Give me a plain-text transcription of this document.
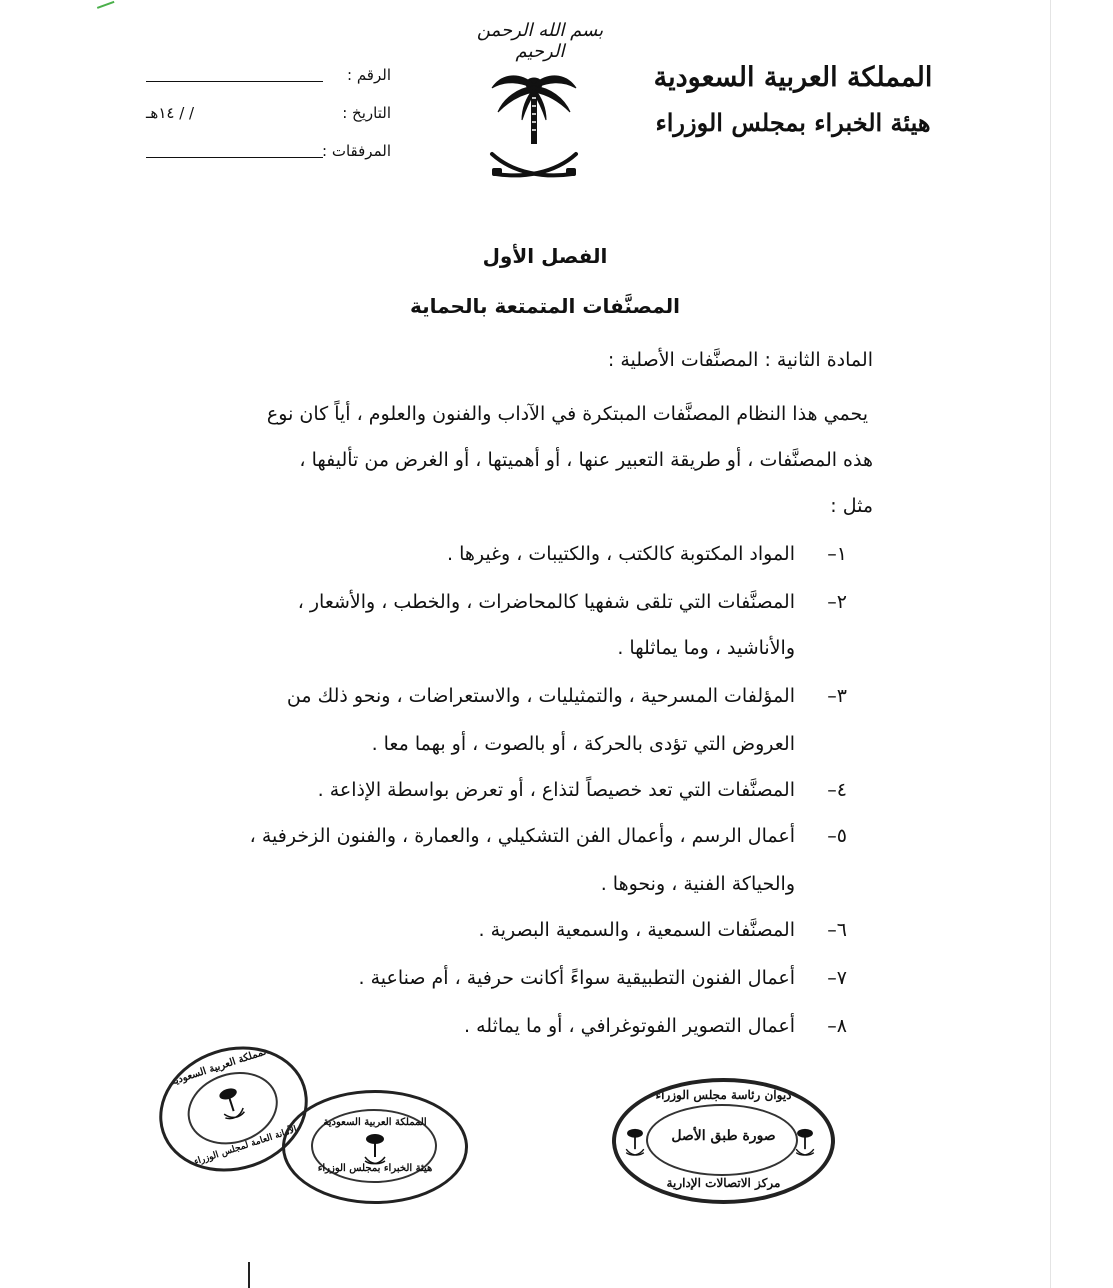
بسم الله الرحمن الرحيم
المملكة العربية السعودية
هيئة الخبراء بمجلس الوزراء
الرقم :
التاريخ :
/ / ١٤هـ
المرفقات :
الفصل الأول
المصنَّفات المتمتعة بالحماية
المادة الثانية : المصنَّفات الأصلية :
يحمي هذا النظام المصنَّفات المبتكرة في الآداب والفنون والعلوم ، أياً كان نوع
هذه المصنَّفات ، أو طريقة التعبير عنها ، أو أهميتها ، أو الغرض من تأليفها ،
مثل :
١–
المواد المكتوبة كالكتب ، والكتيبات ، وغيرها .
٢–
المصنَّفات التي تلقى شفهيا كالمحاضرات ، والخطب ، والأشعار ،
والأناشيد ، وما يماثلها .
٣–
المؤلفات المسرحية ، والتمثيليات ، والاستعراضات ، ونحو ذلك من
العروض التي تؤدى بالحركة ، أو بالصوت ، أو بهما معا .
٤–
المصنَّفات التي تعد خصيصاً لتذاع ، أو تعرض بواسطة الإذاعة .
٥–
أعمال الرسم ، وأعمال الفن التشكيلي ، والعمارة ، والفنون الزخرفية ،
والحياكة الفنية ، ونحوها .
٦–
المصنَّفات السمعية ، والسمعية البصرية .
٧–
أعمال الفنون التطبيقية سواءً أكانت حرفية ، أم صناعية .
٨–
أعمال التصوير الفوتوغرافي ، أو ما يماثله .
المملكة العربية السعودية
الأمانة العامة لمجلس الوزراء
المملكة العربية السعودية
هيئة الخبراء بمجلس الوزراء
ديوان رئاسة مجلس الوزراء
صورة طبق الأصل
مركز الاتصالات الإدارية
